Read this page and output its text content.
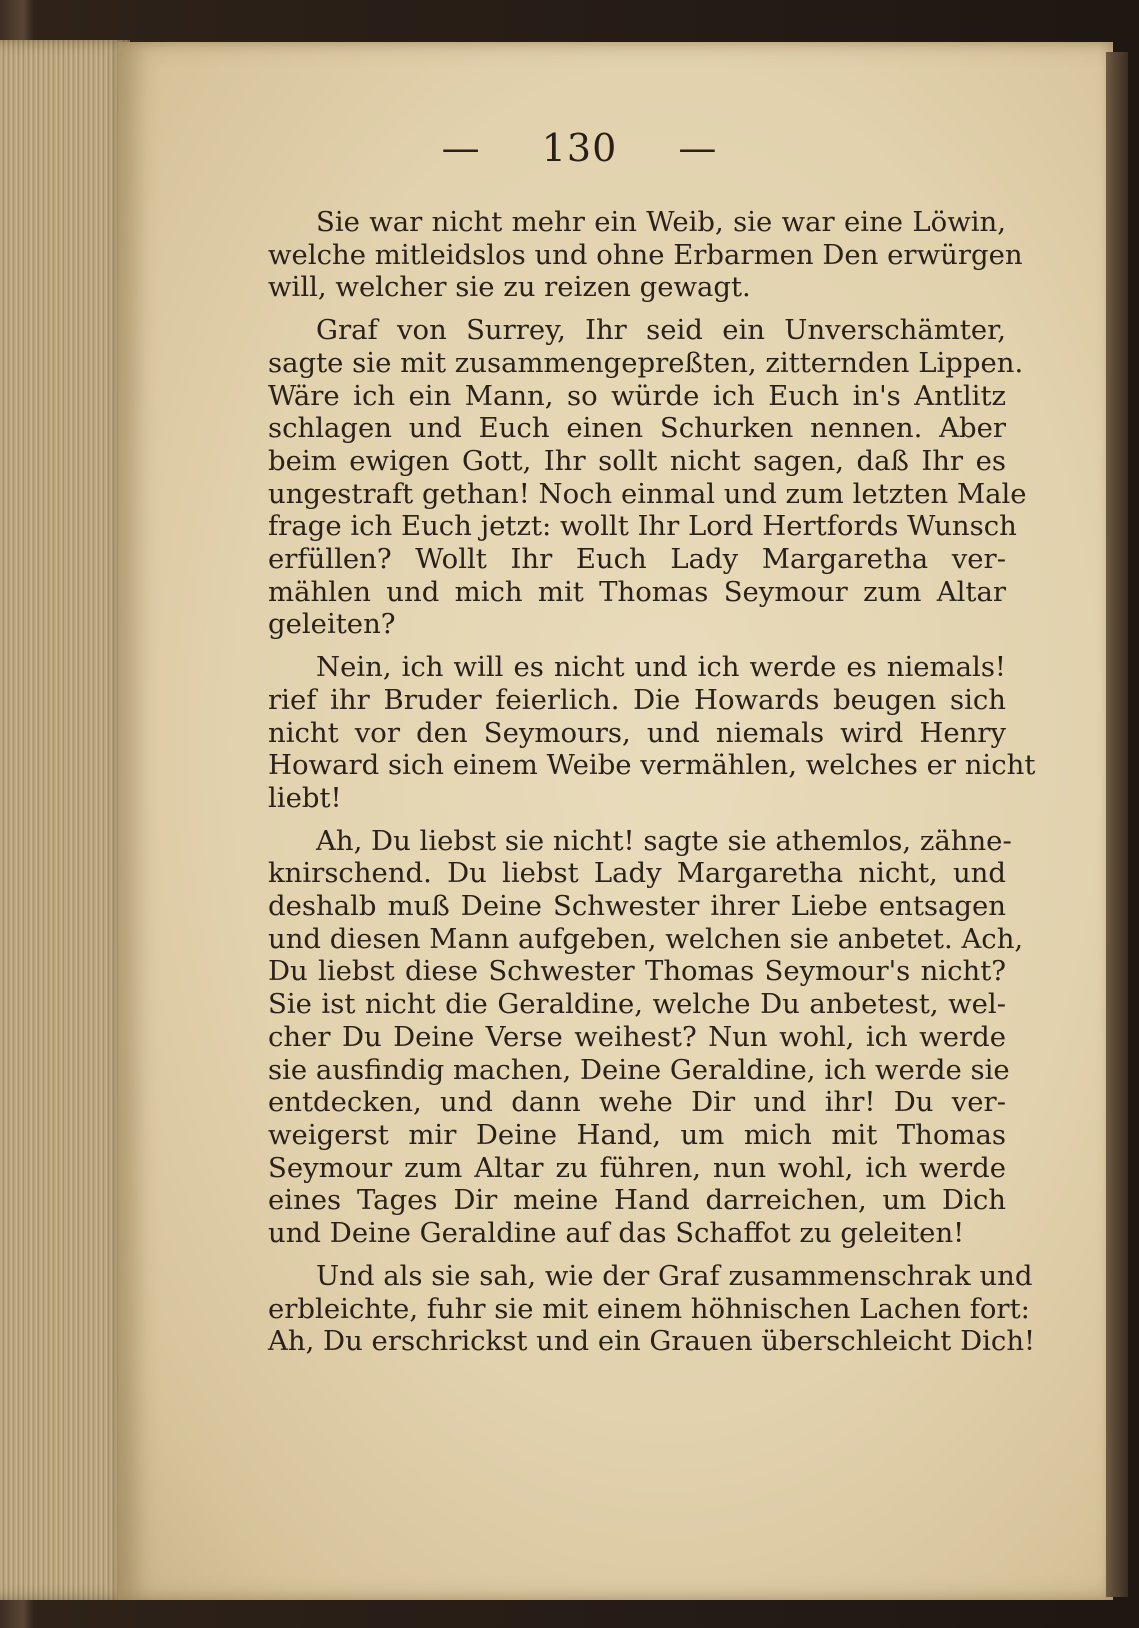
— 130 —
Sie war nicht mehr ein Weib, sie war eine Löwin,
welche mitleidslos und ohne Erbarmen Den erwürgen
will, welcher sie zu reizen gewagt.
Graf von Surrey, Ihr seid ein Unverschämter,
sagte sie mit zusammengepreßten, zitternden Lippen.
Wäre ich ein Mann, so würde ich Euch in's Antlitz
schlagen und Euch einen Schurken nennen. Aber
beim ewigen Gott, Ihr sollt nicht sagen, daß Ihr es
ungestraft gethan! Noch einmal und zum letzten Male
frage ich Euch jetzt: wollt Ihr Lord Hertfords Wunsch
erfüllen? Wollt Ihr Euch Lady Margaretha ver-
mählen und mich mit Thomas Seymour zum Altar
geleiten?
Nein, ich will es nicht und ich werde es niemals!
rief ihr Bruder feierlich. Die Howards beugen sich
nicht vor den Seymours, und niemals wird Henry
Howard sich einem Weibe vermählen, welches er nicht
liebt!
Ah, Du liebst sie nicht! sagte sie athemlos, zähne-
knirschend. Du liebst Lady Margaretha nicht, und
deshalb muß Deine Schwester ihrer Liebe entsagen
und diesen Mann aufgeben, welchen sie anbetet. Ach,
Du liebst diese Schwester Thomas Seymour's nicht?
Sie ist nicht die Geraldine, welche Du anbetest, wel-
cher Du Deine Verse weihest? Nun wohl, ich werde
sie ausfindig machen, Deine Geraldine, ich werde sie
entdecken, und dann wehe Dir und ihr! Du ver-
weigerst mir Deine Hand, um mich mit Thomas
Seymour zum Altar zu führen, nun wohl, ich werde
eines Tages Dir meine Hand darreichen, um Dich
und Deine Geraldine auf das Schaffot zu geleiten!
Und als sie sah, wie der Graf zusammenschrak und
erbleichte, fuhr sie mit einem höhnischen Lachen fort:
Ah, Du erschrickst und ein Grauen überschleicht Dich!
